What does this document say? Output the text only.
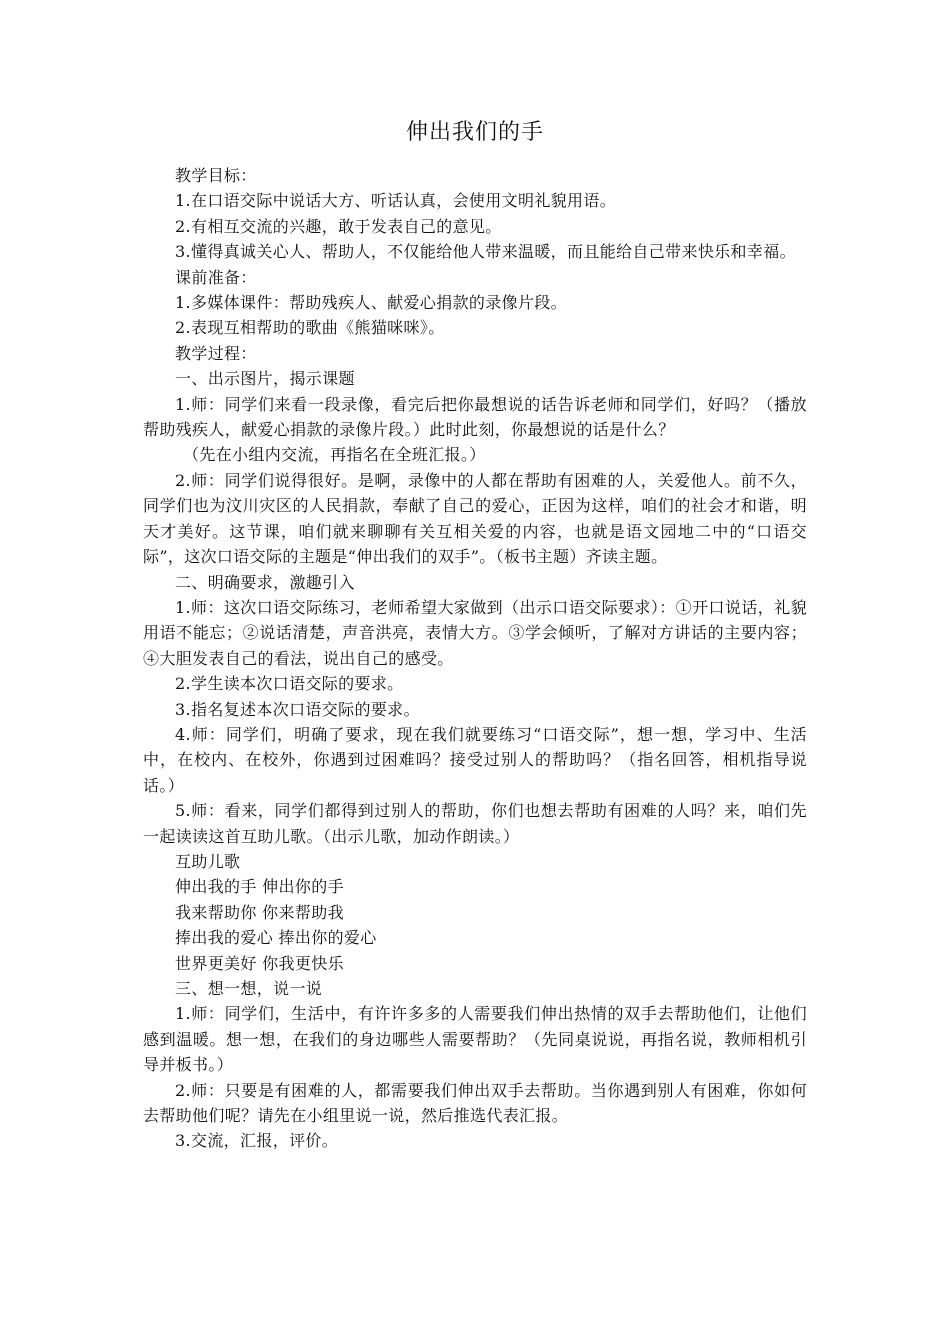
伸出我们的手

教学目标：

1.在口语交际中说话大方、听话认真，会使用文明礼貌用语。

2.有相互交流的兴趣，敢于发表自己的意见。

3.懂得真诚关心人、帮助人，不仅能给他人带来温暖，而且能给自己带来快乐和幸福。

课前准备：

1.多媒体课件：帮助残疾人、献爱心捐款的录像片段。

2.表现互相帮助的歌曲《熊猫咪咪》。

教学过程：

一、出示图片，揭示课题

1.师：同学们来看一段录像，看完后把你最想说的话告诉老师和同学们，好吗？（播放帮助残疾人，献爱心捐款的录像片段。）此时此刻，你最想说的话是什么？

（先在小组内交流，再指名在全班汇报。）

2.师：同学们说得很好。是啊，录像中的人都在帮助有困难的人，关爱他人。前不久，同学们也为汶川灾区的人民捐款，奉献了自己的爱心，正因为这样，咱们的社会才和谐，明天才美好。这节课，咱们就来聊聊有关互相关爱的内容，也就是语文园地二中的“口语交际”，这次口语交际的主题是“伸出我们的双手”。（板书主题）齐读主题。

二、明确要求，激趣引入

1.师：这次口语交际练习，老师希望大家做到（出示口语交际要求）：①开口说话，礼貌用语不能忘；②说话清楚，声音洪亮，表情大方。③学会倾听，了解对方讲话的主要内容；④大胆发表自己的看法，说出自己的感受。

2.学生读本次口语交际的要求。

3.指名复述本次口语交际的要求。

4.师：同学们，明确了要求，现在我们就要练习“口语交际”，想一想，学习中、生活中，在校内、在校外，你遇到过困难吗？接受过别人的帮助吗？（指名回答，相机指导说话。）

5.师：看来，同学们都得到过别人的帮助，你们也想去帮助有困难的人吗？来，咱们先一起读读这首互助儿歌。（出示儿歌，加动作朗读。）

互助儿歌

伸出我的手 伸出你的手

我来帮助你 你来帮助我

捧出我的爱心 捧出你的爱心

世界更美好 你我更快乐

三、想一想，说一说

1.师：同学们，生活中，有许许多多的人需要我们伸出热情的双手去帮助他们，让他们感到温暖。想一想，在我们的身边哪些人需要帮助？（先同桌说说，再指名说，教师相机引导并板书。）

2.师：只要是有困难的人，都需要我们伸出双手去帮助。当你遇到别人有困难，你如何去帮助他们呢？请先在小组里说一说，然后推选代表汇报。

3.交流，汇报，评价。
